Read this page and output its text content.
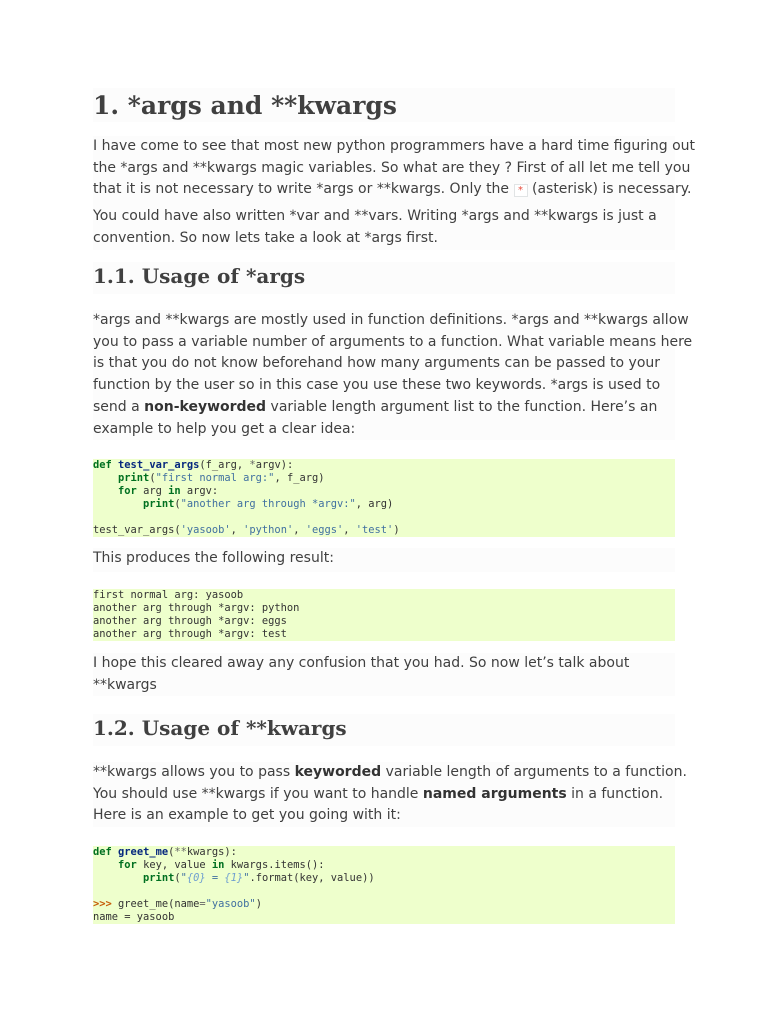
1. *args and **kwargs

I have come to see that most new python programmers have a hard time figuring out

the *args and **kwargs magic variables. So what are they ? First of all let me tell you

that it is not necessary to write *args or **kwargs. Only the * (asterisk) is necessary.

You could have also written *var and **vars. Writing *args and **kwargs is just a

convention. So now lets take a look at *args first.

1.1. Usage of *args

*args and **kwargs are mostly used in function definitions. *args and **kwargs allow

you to pass a variable number of arguments to a function. What variable means here

is that you do not know beforehand how many arguments can be passed to your

function by the user so in this case you use these two keywords. *args is used to

send a non-keyworded variable length argument list to the function. Here’s an

example to help you get a clear idea:

def test_var_args(f_arg, *argv):
print("first normal arg:", f_arg)
for arg in argv:
print("another arg through *argv:", arg)

test_var_args('yasoob', 'python', 'eggs', 'test')

This produces the following result:

first normal arg: yasoob
another arg through *argv: python
another arg through *argv: eggs
another arg through *argv: test

I hope this cleared away any confusion that you had. So now let’s talk about

**kwargs

1.2. Usage of **kwargs

**kwargs allows you to pass keyworded variable length of arguments to a function.

You should use **kwargs if you want to handle named arguments in a function.

Here is an example to get you going with it:

def greet_me(**kwargs):
for key, value in kwargs.items():
print("{0} = {1}".format(key, value))

>>> greet_me(name="yasoob")
name = yasoob
